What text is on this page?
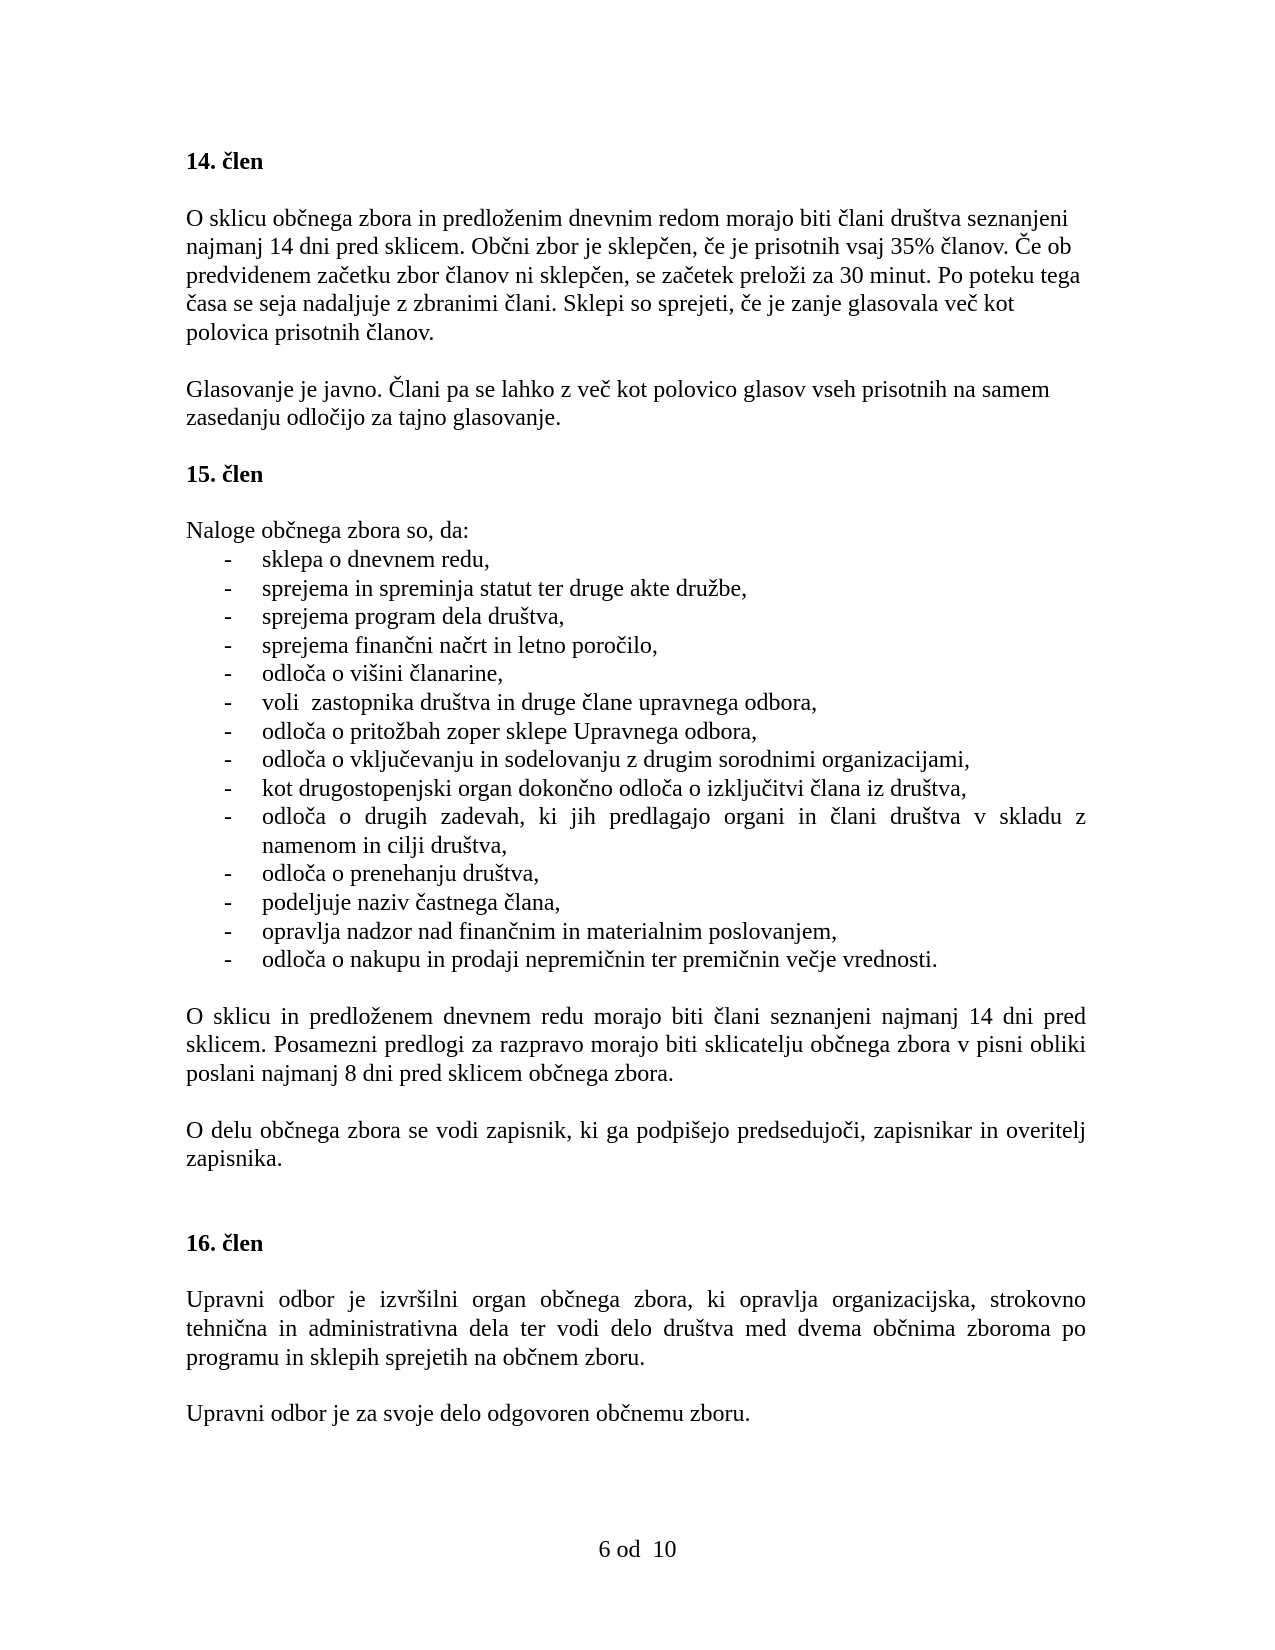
14. člen

O sklicu občnega zbora in predloženim dnevnim redom morajo biti člani društva seznanjeni najmanj 14 dni pred sklicem. Občni zbor je sklepčen, če je prisotnih vsaj 35% članov. Če ob predvidenem začetku zbor članov ni sklepčen, se začetek preloži za 30 minut. Po poteku tega časa se seja nadaljuje z zbranimi člani. Sklepi so sprejeti, če je zanje glasovala več kot polovica prisotnih članov.

Glasovanje je javno. Člani pa se lahko z več kot polovico glasov vseh prisotnih na samem zasedanju odločijo za tajno glasovanje.

15. člen

Naloge občnega zbora so, da:

- sklepa o dnevnem redu,
- sprejema in spreminja statut ter druge akte družbe,
- sprejema program dela društva,
- sprejema finančni načrt in letno poročilo,
- odloča o višini članarine,
- voli  zastopnika društva in druge člane upravnega odbora,
- odloča o pritožbah zoper sklepe Upravnega odbora,
- odloča o vključevanju in sodelovanju z drugim sorodnimi organizacijami,
- kot drugostopenjski organ dokončno odloča o izključitvi člana iz društva,
- odloča o drugih zadevah, ki jih predlagajo organi in člani društva v skladu z namenom in cilji društva,
- odloča o prenehanju društva,
- podeljuje naziv častnega člana,
- opravlja nadzor nad finančnim in materialnim poslovanjem,
- odloča o nakupu in prodaji nepremičnin ter premičnin večje vrednosti.

O sklicu in predloženem dnevnem redu morajo biti člani seznanjeni najmanj 14 dni pred sklicem. Posamezni predlogi za razpravo morajo biti sklicatelju občnega zbora v pisni obliki poslani najmanj 8 dni pred sklicem občnega zbora.

O delu občnega zbora se vodi zapisnik, ki ga podpišejo predsedujoči, zapisnikar in overitelj zapisnika.

16. člen

Upravni odbor je izvršilni organ občnega zbora, ki opravlja organizacijska, strokovno tehnična in administrativna dela ter vodi delo društva med dvema občnima zboroma po programu in sklepih sprejetih na občnem zboru.

Upravni odbor je za svoje delo odgovoren občnemu zboru.

6 od  10
